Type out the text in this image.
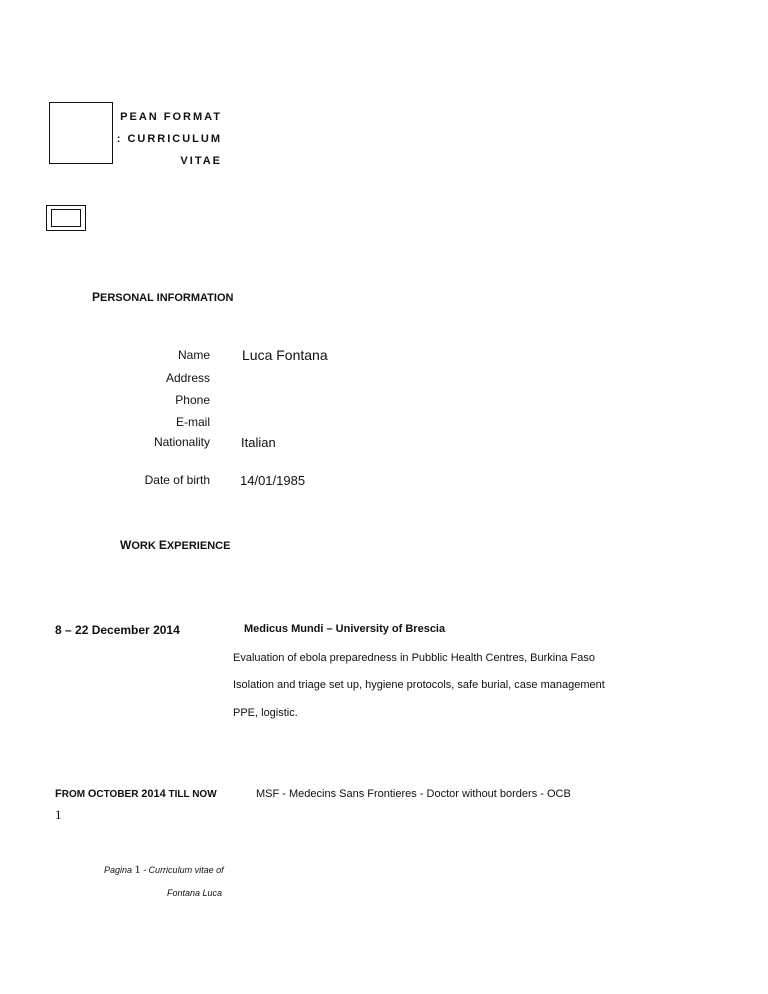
PEAN FORMAT
: CURRICULUM
VITAE
PERSONAL INFORMATION
Name Luca Fontana
Address
Phone
E-mail
Nationality Italian
Date of birth 14/01/1985
WORK EXPERIENCE
8 – 22 December 2014	Medicus Mundi – University of Brescia
Evaluation of ebola preparedness in Pubblic Health Centres, Burkina Faso
Isolation and triage set up, hygiene protocols, safe burial, case management
PPE, logistic.
FROM OCTOBER 2014 TILL NOW	MSF - Medecins Sans Frontieres - Doctor without borders - OCB
1
Pagina 1 - Curriculum vitae of
Fontana Luca
